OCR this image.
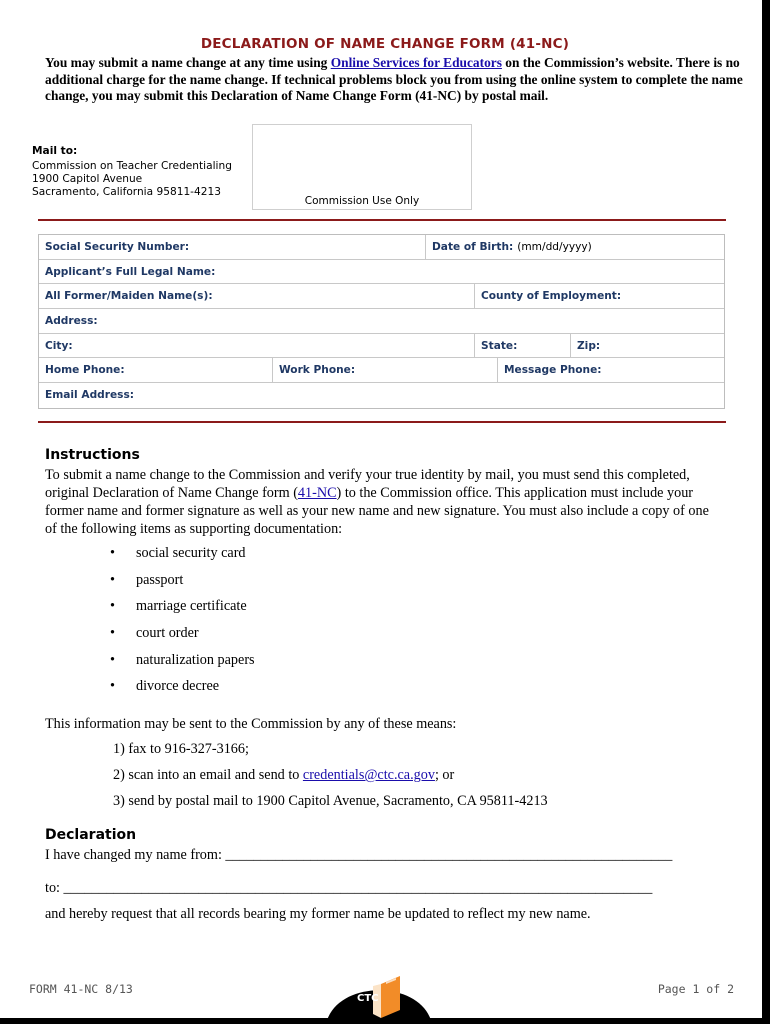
DECLARATION OF NAME CHANGE FORM (41-NC)
You may submit a name change at any time using Online Services for Educators on the Commission’s website. There is no additional charge for the name change. If technical problems block you from using the online system to complete the name change, you may submit this Declaration of Name Change Form (41-NC) by postal mail.
Mail to:
Commission on Teacher Credentialing
1900 Capitol Avenue
Sacramento, California 95811-4213
Commission Use Only
Social Security Number:	Date of Birth: (mm/dd/yyyy)
Applicant’s Full Legal Name:
All Former/Maiden Name(s):	County of Employment:
Address:
City:	State:	Zip:
Home Phone:	Work Phone:	Message Phone:
Email Address:
Instructions
To submit a name change to the Commission and verify your true identity by mail, you must send this completed, original Declaration of Name Change form (41-NC) to the Commission office. This application must include your former name and former signature as well as your new name and new signature. You must also include a copy of one of the following items as supporting documentation:
• social security card
• passport
• marriage certificate
• court order
• naturalization papers
• divorce decree
This information may be sent to the Commission by any of these means:
1) fax to 916-327-3166;
2) scan into an email and send to credentials@ctc.ca.gov; or
3) send by postal mail to 1900 Capitol Avenue, Sacramento, CA 95811-4213
Declaration
I have changed my name from: _______________________________________________________________
to: ___________________________________________________________________________________
and hereby request that all records bearing my former name be updated to reflect my new name.
FORM 41-NC 8/13	Page 1 of 2
CTC
